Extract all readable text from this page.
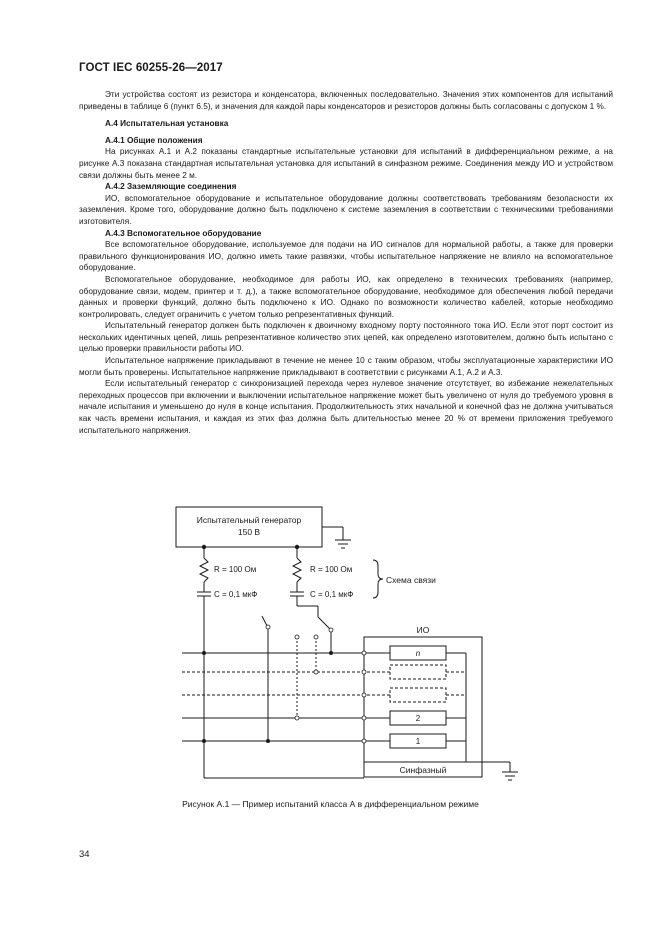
ГОСТ IEC 60255-26—2017

Эти устройства состоят из резистора и конденсатора, включенных последовательно. Значения этих компонентов для испытаний приведены в таблице 6 (пункт 6.5), и значения для каждой пары конденсаторов и резисторов должны быть согласованы с допуском 1 %.

А.4 Испытательная установка
А.4.1 Общие положения

На рисунках А.1 и А.2 показаны стандартные испытательные установки для испытаний в дифференциальном режиме, а на рисунке А.3 показана стандартная испытательная установка для испытаний в синфазном режиме. Соединения между ИО и устройством связи должны быть менее 2 м.

А.4.2 Заземляющие соединения

ИО, вспомогательное оборудование и испытательное оборудование должны соответствовать требованиям безопасности их заземления. Кроме того, оборудование должно быть подключено к системе заземления в соответствии с техническими требованиями изготовителя.

А.4.3 Вспомогательное оборудование

Все вспомогательное оборудование, используемое для подачи на ИО сигналов для нормальной работы, а также для проверки правильного функционирования ИО, должно иметь такие развязки, чтобы испытательное напряжение не влияло на вспомогательное оборудование.

Вспомогательное оборудование, необходимое для работы ИО, как определено в технических требованиях (например, оборудование связи, модем, принтер и т. д.), а также вспомогательное оборудование, необходимое для обеспечения любой передачи данных и проверки функций, должно быть подключено к ИО. Однако по возможности количество кабелей, которые необходимо контролировать, следует ограничить с учетом только репрезентативных функций.

Испытательный генератор должен быть подключен к двоичному входному порту постоянного тока ИО. Если этот порт состоит из нескольких идентичных цепей, лишь репрезентативное количество этих цепей, как определено изготовителем, должно быть испытано с целью проверки правильности работы ИО.

Испытательное напряжение прикладывают в течение не менее 10 с таким образом, чтобы эксплуатационные характеристики ИО могли быть проверены. Испытательное напряжение прикладывают в соответствии с рисунками А.1, А.2 и А.3.

Если испытательный генератор с синхронизацией перехода через нулевое значение отсутствует, во избежание нежелательных переходных процессов при включении и выключении испытательное напряжение может быть увеличено от нуля до требуемого уровня в начале испытания и уменьшено до нуля в конце испытания. Продолжительность этих начальной и конечной фаз не должна учитываться как часть времени испытания, и каждая из этих фаз должна быть длительностью менее 20 % от времени приложения требуемого испытательного напряжения.

Испытательный генератор
150 В
R = 100 Ом
C = 0,1 мкФ
R = 100 Ом
C = 0,1 мкФ
Схема связи
ИО
n
2
1
Синфазный
Рисунок А.1 — Пример испытаний класса А в дифференциальном режиме
34
